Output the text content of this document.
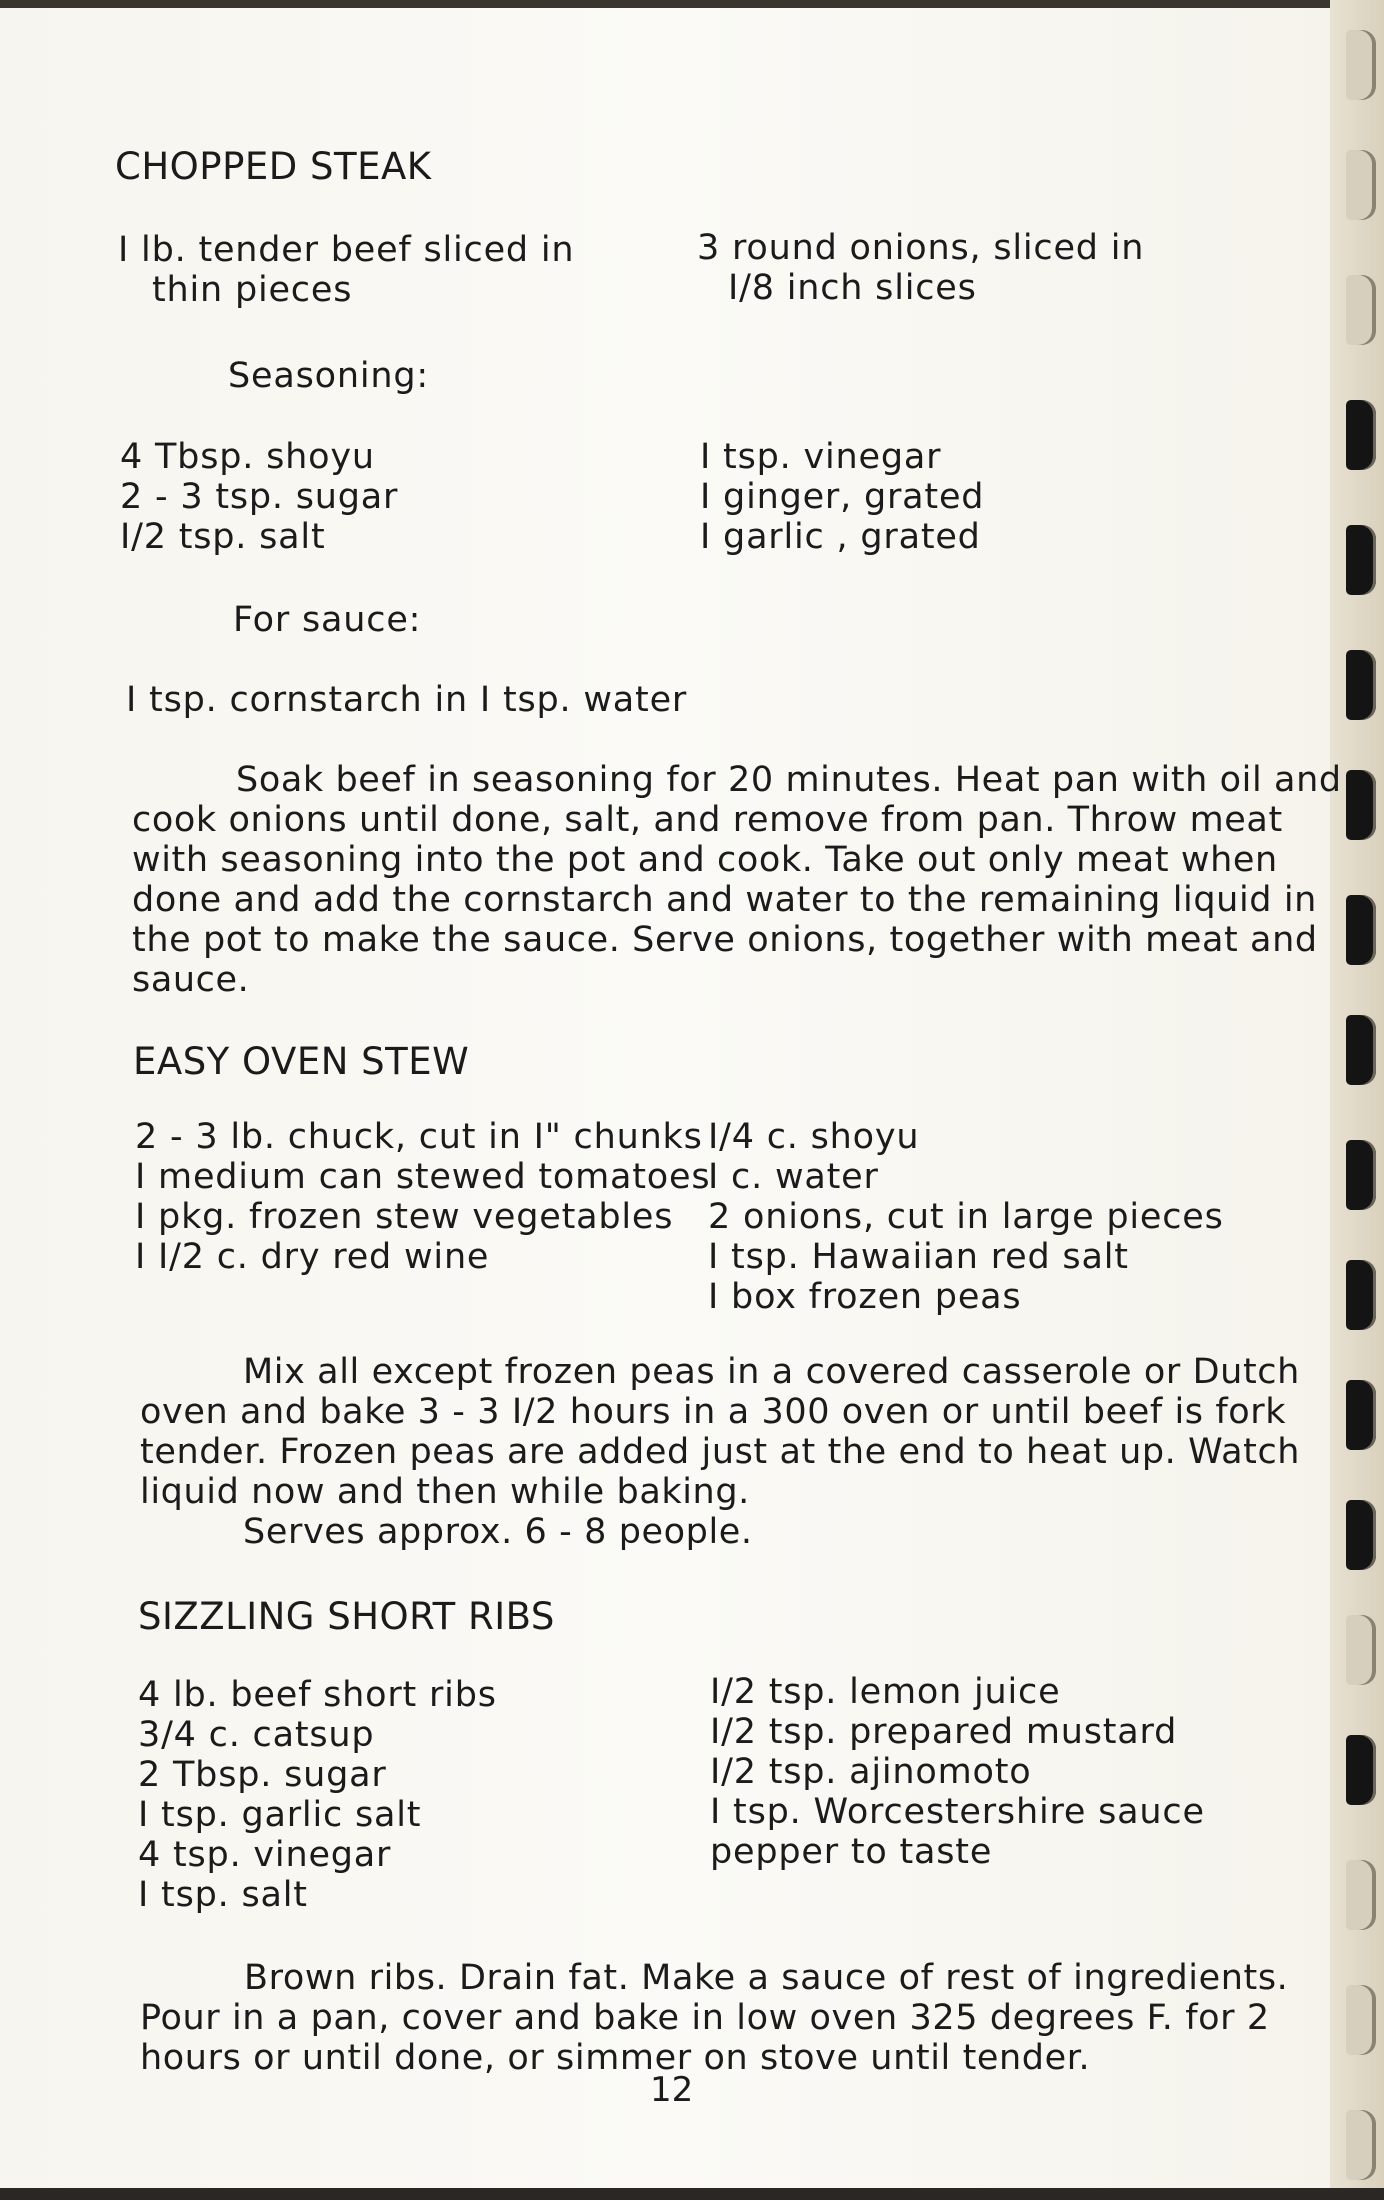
CHOPPED STEAK
I lb. tender beef sliced in
thin pieces
3 round onions, sliced in
I/8 inch slices
Seasoning:
4 Tbsp. shoyu
2 - 3 tsp. sugar
I/2 tsp. salt
I tsp. vinegar
I ginger, grated
I garlic , grated
For sauce:
I tsp. cornstarch in I tsp. water
Soak beef in seasoning for 20 minutes. Heat pan with oil and
cook onions until done, salt, and remove from pan. Throw meat
with seasoning into the pot and cook. Take out only meat when
done and add the cornstarch and water to the remaining liquid in
the pot to make the sauce. Serve onions, together with meat and
sauce.
EASY OVEN STEW
2 - 3 lb. chuck, cut in I" chunks
I medium can stewed tomatoes
I pkg. frozen stew vegetables
I I/2 c. dry red wine
I/4 c. shoyu
I c. water
2 onions, cut in large pieces
I tsp. Hawaiian red salt
I box frozen peas
Mix all except frozen peas in a covered casserole or Dutch
oven and bake 3 - 3 I/2 hours in a 300 oven or until beef is fork
tender. Frozen peas are added just at the end to heat up. Watch
liquid now and then while baking.
Serves approx. 6 - 8 people.
SIZZLING SHORT RIBS
4 lb. beef short ribs
3/4 c. catsup
2 Tbsp. sugar
I tsp. garlic salt
4 tsp. vinegar
I tsp. salt
I/2 tsp. lemon juice
I/2 tsp. prepared mustard
I/2 tsp. ajinomoto
I tsp. Worcestershire sauce
pepper to taste
Brown ribs. Drain fat. Make a sauce of rest of ingredients.
Pour in a pan, cover and bake in low oven 325 degrees F. for 2
hours or until done, or simmer on stove until tender.
12
